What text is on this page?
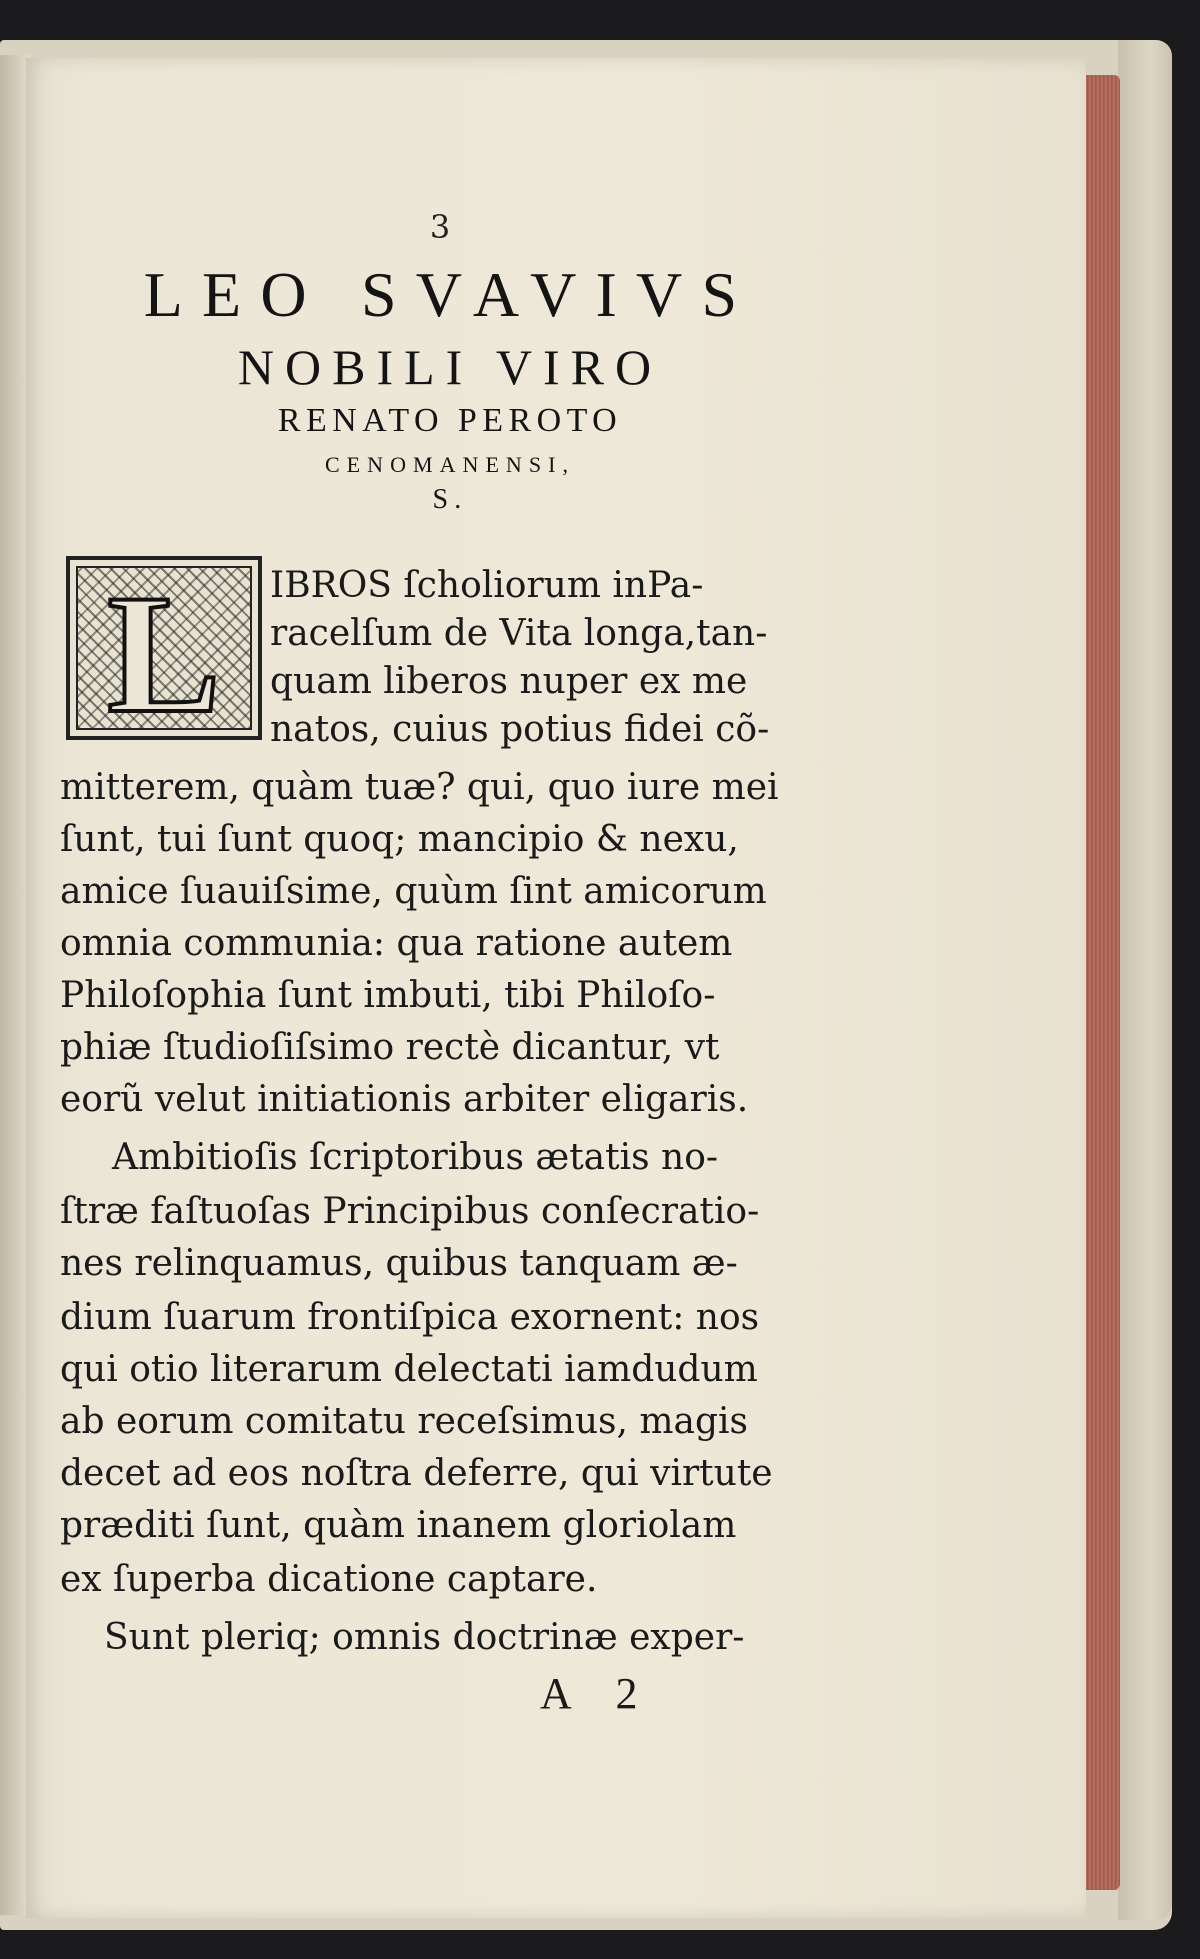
3
LEO SVAVIVS
NOBILI VIRO
RENATO PEROTO
CENOMANENSI,
S.
L	IBROS ſcholiorum inPa-
racelſum de Vita longa,tan-
quam liberos nuper ex me
natos, cuius potius fidei cõ-
mitterem, quàm tuæ? qui, quo iure mei
ſunt, tui ſunt quoq; mancipio & nexu,
amice ſuauiſsime, quùm ſint amicorum
omnia communia: qua ratione autem
Philoſophia ſunt imbuti, tibi Philoſo-
phiæ ſtudioſiſsimo rectè dicantur, vt
eorũ velut initiationis arbiter eligaris.
Ambitioſis ſcriptoribus ætatis no-
ſtræ faſtuoſas Principibus conſecratio-
nes relinquamus, quibus tanquam æ-
dium ſuarum frontiſpica exornent: nos
qui otio literarum delectati iamdudum
ab eorum comitatu receſsimus, magis
decet ad eos noſtra deferre, qui virtute
præditi ſunt, quàm inanem gloriolam
ex ſuperba dicatione captare.
Sunt pleriq; omnis doctrinæ exper-
A 2
